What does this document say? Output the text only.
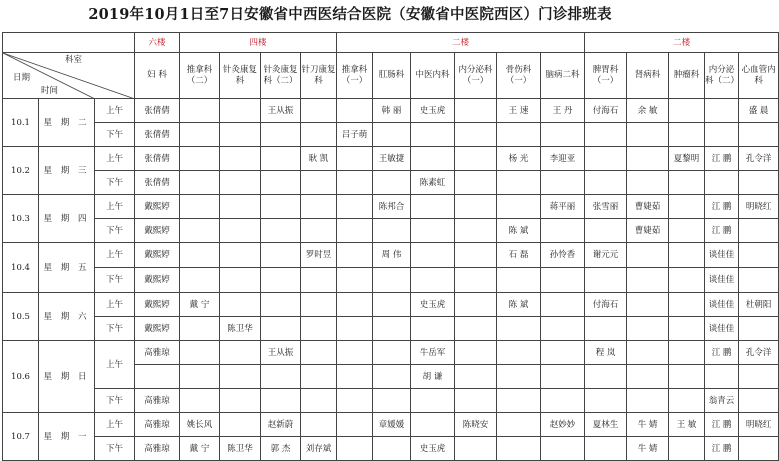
2019年10月1日至7日安徽省中西医结合医院（安徽省中医院西区）门诊排班表
			六楼	四楼				二楼						二楼				

科室
日期
时间			妇 科	推拿科（二）	针灸康复科	针灸康复科（二）	针刀康复科	推拿科（一）	肛肠科	中医内科	内分泌科（一）	骨伤科（一）	脑病二科	脾胃科（一）	肾病科	肿瘤科	内分泌科（二）	心血管内科
10.1	星 期 二	上午	张倩倩			王从振			韩 丽	史玉虎		王 速	王 丹	付海石	余 敏			盛 晨
		下午	张倩倩					吕子萌										
10.2	星 期 三	上午	张倩倩				耿 凯		王敏捷			杨 光	李迎亚			夏黎明	江 鹏	孔令洋
		下午	张倩倩							陈素虹								
10.3	星 期 四	上午	戴熙婷						陈邦合				蒋平丽	张雪丽	曹婕茹		江 鹏	明晓红
		下午	戴熙婷									陈 斌			曹婕茹		江 鹏	
10.4	星 期 五	上午	戴熙婷				罗时昱		周 伟			石 磊	孙怜香	谢元元			谈佳佳	
		下午	戴熙婷														谈佳佳	
10.5	星 期 六	上午	戴熙婷	戴 宁						史玉虎		陈 斌		付海石			谈佳佳	杜朝阳
		下午	戴熙婷		陈卫华												谈佳佳	
10.6	星 期 日	上午	高雅琼			王从振				牛岳军				程 岚			江 鹏	孔令洋
										胡 谦								
		下午	高雅琼														翁青云	
10.7	星 期 一	上午	高雅琼	姚长风		赵新蔚			章媛媛		陈晓安		赵妙妙	夏林生	牛 婧	王 敏	江 鹏	明晓红
		下午	高雅琼	戴 宁	陈卫华	郭 杰	刘存斌			史玉虎					牛 婧		江 鹏	
